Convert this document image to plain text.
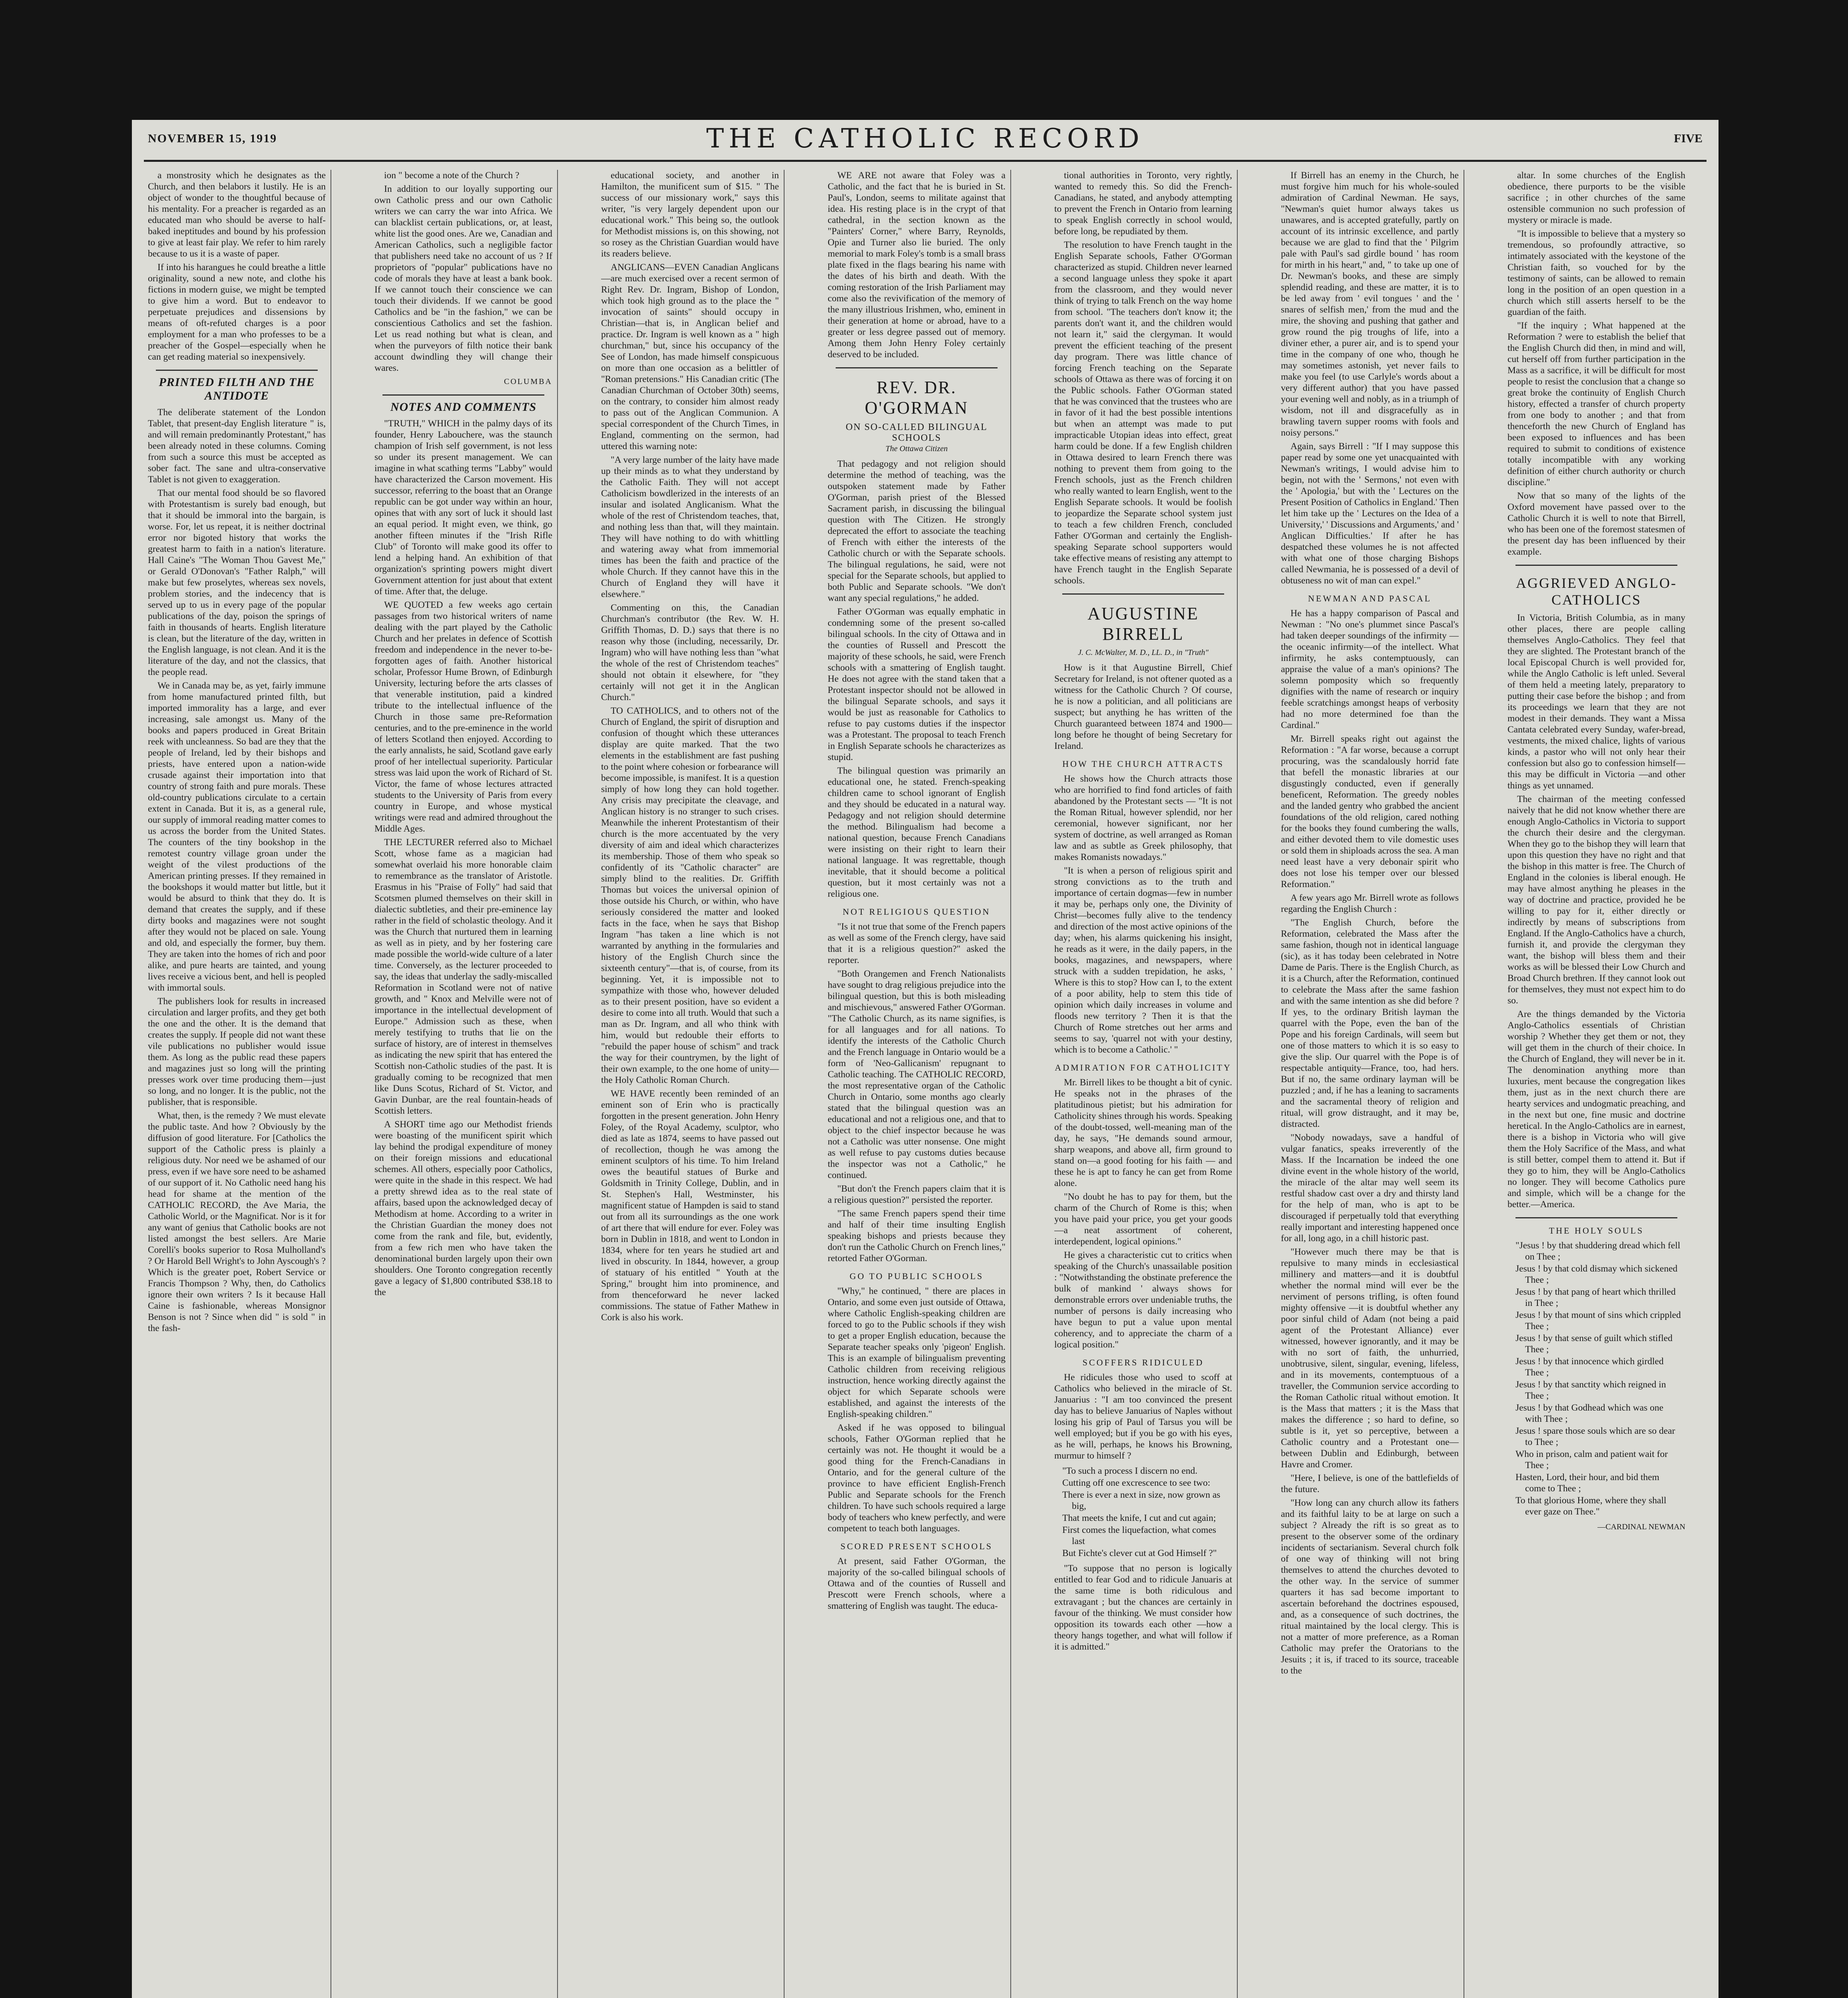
NOVEMBER 15, 1919	THE CATHOLIC RECORD	FIVE

a monstrosity which he designates as the Church, and then belabors it lustily. He is an object of wonder to the thoughtful because of his mentality. For a preacher is regarded as an educated man who should be averse to half-baked ineptitudes and bound by his profession to give at least fair play. We refer to him rarely because to us it is a waste of paper.

If into his harangues he could breathe a little originality, sound a new note, and clothe his fictions in modern guise, we might be tempted to give him a word. But to endeavor to perpetuate prejudices and dissensions by means of oft-refuted charges is a poor employment for a man who professes to be a preacher of the Gospel—especially when he can get reading material so inexpensively.

PRINTED FILTH AND THE ANTIDOTE

The deliberate statement of the London Tablet, that present-day English literature " is, and will remain predominantly Protestant," has been already noted in these columns. Coming from such a source this must be accepted as sober fact. The sane and ultra-conservative Tablet is not given to exaggeration.

That our mental food should be so flavored with Protestantism is surely bad enough, but that it should be immoral into the bargain, is worse. For, let us repeat, it is neither doctrinal error nor bigoted history that works the greatest harm to faith in a nation's literature. Hall Caine's "The Woman Thou Gavest Me," or Gerald O'Donovan's "Father Ralph," will make but few proselytes, whereas sex novels, problem stories, and the indecency that is served up to us in every page of the popular publications of the day, poison the springs of faith in thousands of hearts. English literature is clean, but the literature of the day, written in the English language, is not clean. And it is the literature of the day, and not the classics, that the people read.

We in Canada may be, as yet, fairly immune from home manufactured printed filth, but imported immorality has a large, and ever increasing, sale amongst us. Many of the books and papers produced in Great Britain reek with uncleanness. So bad are they that the people of Ireland, led by their bishops and priests, have entered upon a nation-wide crusade against their importation into that country of strong faith and pure morals. These old-country publications circulate to a certain extent in Canada. But it is, as a general rule, our supply of immoral reading matter comes to us across the border from the United States. The counters of the tiny bookshop in the remotest country village groan under the weight of the vilest productions of the American printing presses. If they remained in the bookshops it would matter but little, but it would be absurd to think that they do. It is demand that creates the supply, and if these dirty books and magazines were not sought after they would not be placed on sale. Young and old, and especially the former, buy them. They are taken into the homes of rich and poor alike, and pure hearts are tainted, and young lives receive a vicious bent, and hell is peopled with immortal souls.

The publishers look for results in increased circulation and larger profits, and they get both the one and the other. It is the demand that creates the supply. If people did not want these vile publications no publisher would issue them. As long as the public read these papers and magazines just so long will the printing presses work over time producing them—just so long, and no longer. It is the public, not the publisher, that is responsible.

What, then, is the remedy ? We must elevate the public taste. And how ? Obviously by the diffusion of good literature. For [Catholics the support of the Catholic press is plainly a religious duty. Nor need we be ashamed of our press, even if we have sore need to be ashamed of our support of it. No Catholic need hang his head for shame at the mention of the CATHOLIC RECORD, the Ave Maria, the Catholic World, or the Magnificat. Nor is it for any want of genius that Catholic books are not listed amongst the best sellers. Are Marie Corelli's books superior to Rosa Mulholland's ? Or Harold Bell Wright's to John Ayscough's ? Which is the greater poet, Robert Service or Francis Thompson ? Why, then, do Catholics ignore their own writers ? Is it because Hall Caine is fashionable, whereas Monsignor Benson is not ? Since when did " is sold " in the fash-

ion " become a note of the Church ?

In addition to our loyally supporting our own Catholic press and our own Catholic writers we can carry the war into Africa. We can blacklist certain publications, or, at least, white list the good ones. Are we, Canadian and American Catholics, such a negligible factor that publishers need take no account of us ? If proprietors of "popular" publications have no code of morals they have at least a bank book. If we cannot touch their conscience we can touch their dividends. If we cannot be good Catholics and be "in the fashion," we can be conscientious Catholics and set the fashion. Let us read nothing but what is clean, and when the purveyors of filth notice their bank account dwindling they will change their wares.

COLUMBA

NOTES AND COMMENTS

"TRUTH," WHICH in the palmy days of its founder, Henry Labouchere, was the staunch champion of Irish self government, is not less so under its present management. We can imagine in what scathing terms "Labby" would have characterized the Carson movement. His successor, referring to the boast that an Orange republic can be got under way within an hour, opines that with any sort of luck it should last an equal period. It might even, we think, go another fifteen minutes if the "Irish Rifle Club" of Toronto will make good its offer to lend a helping hand. An exhibition of that organization's sprinting powers might divert Government attention for just about that extent of time. After that, the deluge.

WE QUOTED a few weeks ago certain passages from two historical writers of name dealing with the part played by the Catholic Church and her prelates in defence of Scottish freedom and independence in the never to-be-forgotten ages of faith. Another historical scholar, Professor Hume Brown, of Edinburgh University, lecturing before the arts classes of that venerable institution, paid a kindred tribute to the intellectual influence of the Church in those same pre-Reformation centuries, and to the pre-eminence in the world of letters Scotland then enjoyed. According to the early annalists, he said, Scotland gave early proof of her intellectual superiority. Particular stress was laid upon the work of Richard of St. Victor, the fame of whose lectures attracted students to the University of Paris from every country in Europe, and whose mystical writings were read and admired throughout the Middle Ages.

THE LECTURER referred also to Michael Scott, whose fame as a magician had somewhat overlaid his more honorable claim to remembrance as the translator of Aristotle. Erasmus in his "Praise of Folly" had said that Scotsmen plumed themselves on their skill in dialectic subtleties, and their pre-eminence lay rather in the field of scholastic theology. And it was the Church that nurtured them in learning as well as in piety, and by her fostering care made possible the world-wide culture of a later time. Conversely, as the lecturer proceeded to say, the ideas that underlay the sadly-miscalled Reformation in Scotland were not of native growth, and " Knox and Melville were not of importance in the intellectual development of Europe." Admission such as these, when merely testifying to truths that lie on the surface of history, are of interest in themselves as indicating the new spirit that has entered the Scottish non-Catholic studies of the past. It is gradually coming to be recognized that men like Duns Scotus, Richard of St. Victor, and Gavin Dunbar, are the real fountain-heads of Scottish letters.

A SHORT time ago our Methodist friends were boasting of the munificent spirit which lay behind the prodigal expenditure of money on their foreign missions and educational schemes. All others, especially poor Catholics, were quite in the shade in this respect. We had a pretty shrewd idea as to the real state of affairs, based upon the acknowledged decay of Methodism at home. According to a writer in the Christian Guardian the money does not come from the rank and file, but, evidently, from a few rich men who have taken the denominational burden largely upon their own shoulders. One Toronto congregation recently gave a legacy of $1,800 contributed $38.18 to the

educational society, and another in Hamilton, the munificent sum of $15. " The success of our missionary work," says this writer, "is very largely dependent upon our educational work." This being so, the outlook for Methodist missions is, on this showing, not so rosey as the Christian Guardian would have its readers believe.

ANGLICANS—EVEN Canadian Anglicans—are much exercised over a recent sermon of Right Rev. Dr. Ingram, Bishop of London, which took high ground as to the place the " invocation of saints" should occupy in Christian—that is, in Anglican belief and practice. Dr. Ingram is well known as a " high churchman," but, since his occupancy of the See of London, has made himself conspicuous on more than one occasion as a belittler of "Roman pretensions." His Canadian critic (The Canadian Churchman of October 30th) seems, on the contrary, to consider him almost ready to pass out of the Anglican Communion. A special correspondent of the Church Times, in England, commenting on the sermon, had uttered this warning note:

"A very large number of the laity have made up their minds as to what they understand by the Catholic Faith. They will not accept Catholicism bowdlerized in the interests of an insular and isolated Anglicanism. What the whole of the rest of Christendom teaches, that, and nothing less than that, will they maintain. They will have nothing to do with whittling and watering away what from immemorial times has been the faith and practice of the whole Church. If they cannot have this in the Church of England they will have it elsewhere."

Commenting on this, the Canadian Churchman's contributor (the Rev. W. H. Griffith Thomas, D. D.) says that there is no reason why those (including, necessarily, Dr. Ingram) who will have nothing less than "what the whole of the rest of Christendom teaches" should not obtain it elsewhere, for "they certainly will not get it in the Anglican Church."

TO CATHOLICS, and to others not of the Church of England, the spirit of disruption and confusion of thought which these utterances display are quite marked. That the two elements in the establishment are fast pushing to the point where cohesion or forbearance will become impossible, is manifest. It is a question simply of how long they can hold together. Any crisis may precipitate the cleavage, and Anglican history is no stranger to such crises. Meanwhile the inherent Protestantism of their church is the more accentuated by the very diversity of aim and ideal which characterizes its membership. Those of them who speak so confidently of its "Catholic character" are simply blind to the realities. Dr. Griffith Thomas but voices the universal opinion of those outside his Church, or within, who have seriously considered the matter and looked facts in the face, when he says that Bishop Ingram "has taken a line which is not warranted by anything in the formularies and history of the English Church since the sixteenth century"—that is, of course, from its beginning. Yet, it is impossible not to sympathize with those who, however deluded as to their present position, have so evident a desire to come into all truth. Would that such a man as Dr. Ingram, and all who think with him, would but redouble their efforts to "rebuild the paper house of schism" and track the way for their countrymen, by the light of their own example, to the one home of unity—the Holy Catholic Roman Church.

WE HAVE recently been reminded of an eminent son of Erin who is practically forgotten in the present generation. John Henry Foley, of the Royal Academy, sculptor, who died as late as 1874, seems to have passed out of recollection, though he was among the eminent sculptors of his time. To him Ireland owes the beautiful statues of Burke and Goldsmith in Trinity College, Dublin, and in St. Stephen's Hall, Westminster, his magnificent statue of Hampden is said to stand out from all its surroundings as the one work of art there that will endure for ever. Foley was born in Dublin in 1818, and went to London in 1834, where for ten years he studied art and lived in obscurity. In 1844, however, a group of statuary of his entitled " Youth at the Spring," brought him into prominence, and from thenceforward he never lacked commissions. The statue of Father Mathew in Cork is also his work.

WE ARE not aware that Foley was a Catholic, and the fact that he is buried in St. Paul's, London, seems to militate against that idea. His resting place is in the crypt of that cathedral, in the section known as the "Painters' Corner," where Barry, Reynolds, Opie and Turner also lie buried. The only memorial to mark Foley's tomb is a small brass plate fixed in the flags bearing his name with the dates of his birth and death. With the coming restoration of the Irish Parliament may come also the revivification of the memory of the many illustrious Irishmen, who, eminent in their generation at home or abroad, have to a greater or less degree passed out of memory. Among them John Henry Foley certainly deserved to be included.

REV. DR. O'GORMAN
ON SO-CALLED BILINGUAL SCHOOLS
The Ottawa Citizen

That pedagogy and not religion should determine the method of teaching, was the outspoken statement made by Father O'Gorman, parish priest of the Blessed Sacrament parish, in discussing the bilingual question with The Citizen. He strongly deprecated the effort to associate the teaching of French with either the interests of the Catholic church or with the Separate schools. The bilingual regulations, he said, were not special for the Separate schools, but applied to both Public and Separate schools. "We don't want any special regulations," he added.

Father O'Gorman was equally emphatic in condemning some of the present so-called bilingual schools. In the city of Ottawa and in the counties of Russell and Prescott the majority of these schools, he said, were French schools with a smattering of English taught. He does not agree with the stand taken that a Protestant inspector should not be allowed in the bilingual Separate schools, and says it would be just as reasonable for Catholics to refuse to pay customs duties if the inspector was a Protestant. The proposal to teach French in English Separate schools he characterizes as stupid.

The bilingual question was primarily an educational one, he stated. French-speaking children came to school ignorant of English and they should be educated in a natural way. Pedagogy and not religion should determine the method. Bilingualism had become a national question, because French Canadians were insisting on their right to learn their national language. It was regrettable, though inevitable, that it should become a political question, but it most certainly was not a religious one.

NOT RELIGIOUS QUESTION

"Is it not true that some of the French papers as well as some of the French clergy, have said that it is a religious question?" asked the reporter.

"Both Orangemen and French Nationalists have sought to drag religious prejudice into the bilingual question, but this is both misleading and mischievous," answered Father O'Gorman. "The Catholic Church, as its name signifies, is for all languages and for all nations. To identify the interests of the Catholic Church and the French language in Ontario would be a form of 'Neo-Gallicanism' repugnant to Catholic teaching. The CATHOLIC RECORD, the most representative organ of the Catholic Church in Ontario, some months ago clearly stated that the bilingual question was an educational and not a religious one, and that to object to the chief inspector because he was not a Catholic was utter nonsense. One might as well refuse to pay customs duties because the inspector was not a Catholic," he continued.

"But don't the French papers claim that it is a religious question?" persisted the reporter.

"The same French papers spend their time and half of their time insulting English speaking bishops and priests because they don't run the Catholic Church on French lines," retorted Father O'Gorman.

GO TO PUBLIC SCHOOLS

"Why," he continued, " there are places in Ontario, and some even just outside of Ottawa, where Catholic English-speaking children are forced to go to the Public schools if they wish to get a proper English education, because the Separate teacher speaks only 'pigeon' English. This is an example of bilingualism preventing Catholic children from receiving religious instruction, hence working directly against the object for which Separate schools were established, and against the interests of the English-speaking children."

Asked if he was opposed to bilingual schools, Father O'Gorman replied that he certainly was not. He thought it would be a good thing for the French-Canadians in Ontario, and for the general culture of the province to have efficient English-French Public and Separate schools for the French children. To have such schools required a large body of teachers who knew perfectly, and were competent to teach both languages.

SCORED PRESENT SCHOOLS

At present, said Father O'Gorman, the majority of the so-called bilingual schools of Ottawa and of the counties of Russell and Prescott were French schools, where a smattering of English was taught. The educa-

tional authorities in Toronto, very rightly, wanted to remedy this. So did the French-Canadians, he stated, and anybody attempting to prevent the French in Ontario from learning to speak English correctly in school would, before long, be repudiated by them.

The resolution to have French taught in the English Separate schools, Father O'Gorman characterized as stupid. Children never learned a second language unless they spoke it apart from the classroom, and they would never think of trying to talk French on the way home from school. "The teachers don't know it; the parents don't want it, and the children would not learn it," said the clergyman. It would prevent the efficient teaching of the present day program. There was little chance of forcing French teaching on the Separate schools of Ottawa as there was of forcing it on the Public schools. Father O'Gorman stated that he was convinced that the trustees who are in favor of it had the best possible intentions but when an attempt was made to put impracticable Utopian ideas into effect, great harm could be done. If a few English children in Ottawa desired to learn French there was nothing to prevent them from going to the French schools, just as the French children who really wanted to learn English, went to the English Separate schools. It would be foolish to jeopardize the Separate school system just to teach a few children French, concluded Father O'Gorman and certainly the English-speaking Separate school supporters would take effective means of resisting any attempt to have French taught in the English Separate schools.

AUGUSTINE BIRRELL
J. C. McWalter, M. D., LL. D., in "Truth"

How is it that Augustine Birrell, Chief Secretary for Ireland, is not oftener quoted as a witness for the Catholic Church ? Of course, he is now a politician, and all politicians are suspect; but anything he has written of the Church guaranteed between 1874 and 1900—long before he thought of being Secretary for Ireland.

HOW THE CHURCH ATTRACTS

He shows how the Church attracts those who are horrified to find fond articles of faith abandoned by the Protestant sects — "It is not the Roman Ritual, however splendid, nor her ceremonial, however significant, nor her system of doctrine, as well arranged as Roman law and as subtle as Greek philosophy, that makes Romanists nowadays."

"It is when a person of religious spirit and strong convictions as to the truth and importance of certain dogmas—few in number it may be, perhaps only one, the Divinity of Christ—becomes fully alive to the tendency and direction of the most active opinions of the day; when, his alarms quickening his insight, he reads as it were, in the daily papers, in the books, magazines, and newspapers, where struck with a sudden trepidation, he asks, ' Where is this to stop? How can I, to the extent of a poor ability, help to stem this tide of opinion which daily increases in volume and floods new territory ? Then it is that the Church of Rome stretches out her arms and seems to say, 'quarrel not with your destiny, which is to become a Catholic.' "

ADMIRATION FOR CATHOLICITY

Mr. Birrell likes to be thought a bit of cynic. He speaks not in the phrases of the platitudinous pietist; but his admiration for Catholicity shines through his words. Speaking of the doubt-tossed, well-meaning man of the day, he says, "He demands sound armour, sharp weapons, and above all, firm ground to stand on—a good footing for his faith — and these he is apt to fancy he can get from Rome alone.

"No doubt he has to pay for them, but the charm of the Church of Rome is this; when you have paid your price, you get your goods—a neat assortment of coherent, interdependent, logical opinions."

He gives a characteristic cut to critics when speaking of the Church's unassailable position : "Notwithstanding the obstinate preference the bulk of mankind ' always shows for demonstrable errors over undeniable truths, the number of persons is daily increasing who have begun to put a value upon mental coherency, and to appreciate the charm of a logical position."

SCOFFERS RIDICULED

He ridicules those who used to scoff at Catholics who believed in the miracle of St. Januarius : "I am too convinced the present day has to believe Januarius of Naples without losing his grip of Paul of Tarsus you will be well employed; but if you be go with his eyes, as he will, perhaps, he knows his Browning, murmur to himself ?

"To such a process I discern no end.

Cutting off one excrescence to see two:

There is ever a next in size, now grown as big,

That meets the knife, I cut and cut again;

First comes the liquefaction, what comes last

But Fichte's clever cut at God Himself ?"

"To suppose that no person is logically entitled to fear God and to ridicule Januaris at the same time is both ridiculous and extravagant ; but the chances are certainly in favour of the thinking. We must consider how opposition its towards each other —how a theory hangs together, and what will follow if it is admitted."

If Birrell has an enemy in the Church, he must forgive him much for his whole-souled admiration of Cardinal Newman. He says, "Newman's quiet humor always takes us unawares, and is accepted gratefully, partly on account of its intrinsic excellence, and partly because we are glad to find that the ' Pilgrim pale with Paul's sad girdle bound ' has room for mirth in his heart," and, " to take up one of Dr. Newman's books, and these are simply splendid reading, and these are matter, it is to be led away from ' evil tongues ' and the ' snares of selfish men,' from the mud and the mire, the shoving and pushing that gather and grow round the pig troughs of life, into a diviner ether, a purer air, and is to spend your time in the company of one who, though he may sometimes astonish, yet never fails to make you feel (to use Carlyle's words about a very different author) that you have passed your evening well and nobly, as in a triumph of wisdom, not ill and disgracefully as in brawling tavern supper rooms with fools and noisy persons."

Again, says Birrell : "If I may suppose this paper read by some one yet unacquainted with Newman's writings, I would advise him to begin, not with the ' Sermons,' not even with the ' Apologia,' but with the ' Lectures on the Present Position of Catholics in England.' Then let him take up the ' Lectures on the Idea of a University,' ' Discussions and Arguments,' and ' Anglican Difficulties.' If after he has despatched these volumes he is not affected with what one of those charging Bishops called Newmania, he is possessed of a devil of obtuseness no wit of man can expel."

NEWMAN AND PASCAL

He has a happy comparison of Pascal and Newman : "No one's plummet since Pascal's had taken deeper soundings of the infirmity — the oceanic infirmity—of the intellect. What infirmity, he asks contemptuously, can appraise the value of a man's opinions? The solemn pomposity which so frequently dignifies with the name of research or inquiry feeble scratchings amongst heaps of verbosity had no more determined foe than the Cardinal."

Mr. Birrell speaks right out against the Reformation : "A far worse, because a corrupt procuring, was the scandalously horrid fate that befell the monastic libraries at our disgustingly conducted, even if generally beneficent, Reformation. The greedy nobles and the landed gentry who grabbed the ancient foundations of the old religion, cared nothing for the books they found cumbering the walls, and either devoted them to vile domestic uses or sold them in shiploads across the sea. A man need least have a very debonair spirit who does not lose his temper over our blessed Reformation."

A few years ago Mr. Birrell wrote as follows regarding the English Church :

"The English Church, before the Reformation, celebrated the Mass after the same fashion, though not in identical language (sic), as it has today been celebrated in Notre Dame de Paris. There is the English Church, as it is a Church, after the Reformation, continued to celebrate the Mass after the same fashion and with the same intention as she did before ? If yes, to the ordinary British layman the quarrel with the Pope, even the ban of the Pope and his foreign Cardinals, will seem but one of those matters to which it is so easy to give the slip. Our quarrel with the Pope is of respectable antiquity—France, too, had hers. But if no, the same ordinary layman will be puzzled ; and, if he has a leaning to sacraments and the sacramental theory of religion and ritual, will grow distraught, and it may be, distracted.

"Nobody nowadays, save a handful of vulgar fanatics, speaks irreverently of the Mass. If the Incarnation be indeed the one divine event in the whole history of the world, the miracle of the altar may well seem its restful shadow cast over a dry and thirsty land for the help of man, who is apt to be discouraged if perpetually told that everything really important and interesting happened once for all, long ago, in a chill historic past.

"However much there may be that is repulsive to many minds in ecclesiastical millinery and matters—and it is doubtful whether the normal mind will ever be the nerviment of persons trifling, is often found mighty offensive —it is doubtful whether any poor sinful child of Adam (not being a paid agent of the Protestant Alliance) ever witnessed, however ignorantly, and it may be with no sort of faith, the unhurried, unobtrusive, silent, singular, evening, lifeless, and in its movements, contemptuous of a traveller, the Communion service according to the Roman Catholic ritual without emotion. It is the Mass that matters ; it is the Mass that makes the difference ; so hard to define, so subtle is it, yet so perceptive, between a Catholic country and a Protestant one—between Dublin and Edinburgh, between Havre and Cromer.

"Here, I believe, is one of the battlefields of the future.

"How long can any church allow its fathers and its faithful laity to be at large on such a subject ? Already the rift is so great as to present to the observer some of the ordinary incidents of sectarianism. Several church folk of one way of thinking will not bring themselves to attend the churches devoted to the other way. In the service of summer quarters it has sad become important to ascertain beforehand the doctrines espoused, and, as a consequence of such doctrines, the ritual maintained by the local clergy. This is not a matter of more preference, as a Roman Catholic may prefer the Oratorians to the Jesuits ; it is, if traced to its source, traceable to the

altar. In some churches of the English obedience, there purports to be the visible sacrifice ; in other churches of the same ostensible communion no such profession of mystery or miracle is made.

"It is impossible to believe that a mystery so tremendous, so profoundly attractive, so intimately associated with the keystone of the Christian faith, so vouched for by the testimony of saints, can be allowed to remain long in the position of an open question in a church which still asserts herself to be the guardian of the faith.

"If the inquiry ; What happened at the Reformation ? were to establish the belief that the English Church did then, in mind and will, cut herself off from further participation in the Mass as a sacrifice, it will be difficult for most people to resist the conclusion that a change so great broke the continuity of English Church history, effected a transfer of church property from one body to another ; and that from thenceforth the new Church of England has been exposed to influences and has been required to submit to conditions of existence totally incompatible with any working definition of either church authority or church discipline."

Now that so many of the lights of the Oxford movement have passed over to the Catholic Church it is well to note that Birrell, who has been one of the foremost statesmen of the present day has been influenced by their example.

AGGRIEVED ANGLO-CATHOLICS

In Victoria, British Columbia, as in many other places, there are people calling themselves Anglo-Catholics. They feel that they are slighted. The Protestant branch of the local Episcopal Church is well provided for, while the Anglo Catholic is left unled. Several of them held a meeting lately, preparatory to putting their case before the bishop ; and from its proceedings we learn that they are not modest in their demands. They want a Missa Cantata celebrated every Sunday, wafer-bread, vestments, the mixed chalice, lights of various kinds, a pastor who will not only hear their confession but also go to confession himself—this may be difficult in Victoria —and other things as yet unnamed.

The chairman of the meeting confessed naively that he did not know whether there are enough Anglo-Catholics in Victoria to support the church their desire and the clergyman. When they go to the bishop they will learn that upon this question they have no right and that the bishop in this matter is free. The Church of England in the colonies is liberal enough. He may have almost anything he pleases in the way of doctrine and practice, provided he be willing to pay for it, either directly or indirectly by means of subscriptions from England. If the Anglo-Catholics have a church, furnish it, and provide the clergyman they want, the bishop will bless them and their works as will be blessed their Low Church and Broad Church brethren. If they cannot look out for themselves, they must not expect him to do so.

Are the things demanded by the Victoria Anglo-Catholics essentials of Christian worship ? Whether they get them or not, they will get them in the church of their choice. In the Church of England, they will never be in it. The denomination anything more than luxuries, ment because the congregation likes them, just as in the next church there are hearty services and undogmatic preaching, and in the next but one, fine music and doctrine heretical. In the Anglo-Catholics are in earnest, there is a bishop in Victoria who will give them the Holy Sacrifice of the Mass, and what is still better, compel them to attend it. But if they go to him, they will be Anglo-Catholics no longer. They will become Catholics pure and simple, which will be a change for the better.—America.

THE HOLY SOULS

"Jesus ! by that shuddering dread which fell on Thee ;

Jesus ! by that cold dismay which sickened Thee ;

Jesus ! by that pang of heart which thrilled in Thee ;

Jesus ! by that mount of sins which crippled Thee ;

Jesus ! by that sense of guilt which stifled Thee ;

Jesus ! by that innocence which girdled Thee ;

Jesus ! by that sanctity which reigned in Thee ;

Jesus ! by that Godhead which was one with Thee ;

Jesus ! spare those souls which are so dear to Thee ;

Who in prison, calm and patient wait for Thee ;

Hasten, Lord, their hour, and bid them come to Thee ;

To that glorious Home, where they shall ever gaze on Thee."

—CARDINAL NEWMAN
